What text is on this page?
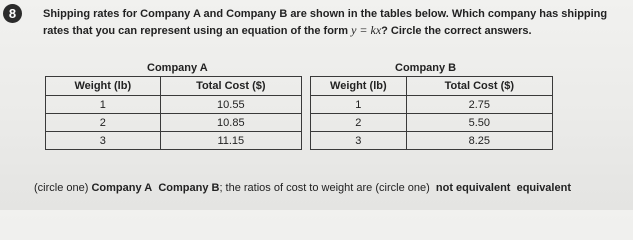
8	Shipping rates for Company A and Company B are shown in the tables below. Which company has shipping rates that you can represent using an equation of the form y = kx? Circle the correct answers.
Company A	Company B
Weight (lb)	Total Cost ($)
1	10.55
2	10.85
3	11.15
Weight (lb)	Total Cost ($)
1	2.75
2	5.50
3	8.25
(circle one) Company A Company B; the ratios of cost to weight are (circle one) not equivalent equivalent
